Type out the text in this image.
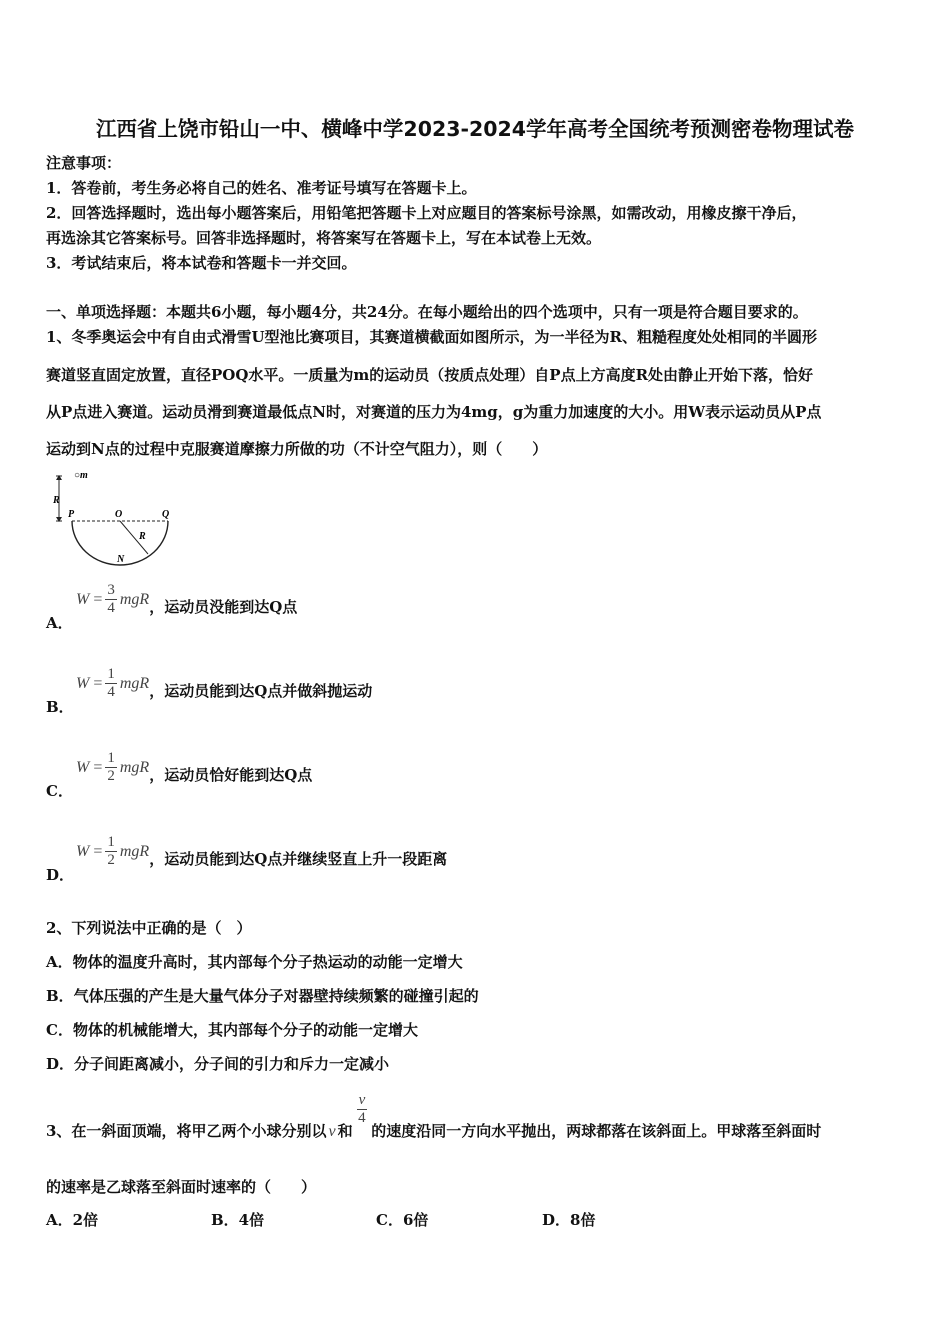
江西省上饶市铅山一中、横峰中学2023-2024学年高考全国统考预测密卷物理试卷
注意事项：
1．答卷前，考生务必将自己的姓名、准考证号填写在答题卡上。
2．回答选择题时，选出每小题答案后，用铅笔把答题卡上对应题目的答案标号涂黑，如需改动，用橡皮擦干净后，
再选涂其它答案标号。回答非选择题时，将答案写在答题卡上，写在本试卷上无效。
3．考试结束后，将本试卷和答题卡一并交回。
一、单项选择题：本题共6小题，每小题4分，共24分。在每小题给出的四个选项中，只有一项是符合题目要求的。
1、冬季奥运会中有自由式滑雪U型池比赛项目，其赛道横截面如图所示，为一半径为R、粗糙程度处处相同的半圆形
赛道竖直固定放置，直径POQ水平。一质量为m的运动员（按质点处理）自P点上方高度R处由静止开始下落，恰好
从P点进入赛道。运动员滑到赛道最低点N时，对赛道的压力为4mg，g为重力加速度的大小。用W表示运动员从P点
运动到N点的过程中克服赛道摩擦力所做的功（不计空气阻力），则（　　）
○m
R
P	O	Q
R
N
A．
$W = \frac{3}{4}$ mgR ，运动员没能到达Q点
B．
$W = \frac{1}{4}$ mgR ，运动员能到达Q点并做斜抛运动
C．
$W = \frac{1}{2}$ mgR ，运动员恰好能到达Q点
D．
$W = \frac{1}{2}$ mgR ，运动员能到达Q点并继续竖直上升一段距离
2、下列说法中正确的是（　）
A．物体的温度升高时，其内部每个分子热运动的动能一定增大
B．气体压强的产生是大量气体分子对器壁持续频繁的碰撞引起的
C．物体的机械能增大，其内部每个分子的动能一定增大
D．分子间距离减小，分子间的引力和斥力一定减小
3、在一斜面顶端，将甲乙两个小球分别以 v 和
$\frac{v}{4}$
的速度沿同一方向水平抛出，两球都落在该斜面上。甲球落至斜面时
的速率是乙球落至斜面时速率的（　　）
A．2倍	B．4倍	C．6倍	D．8倍
